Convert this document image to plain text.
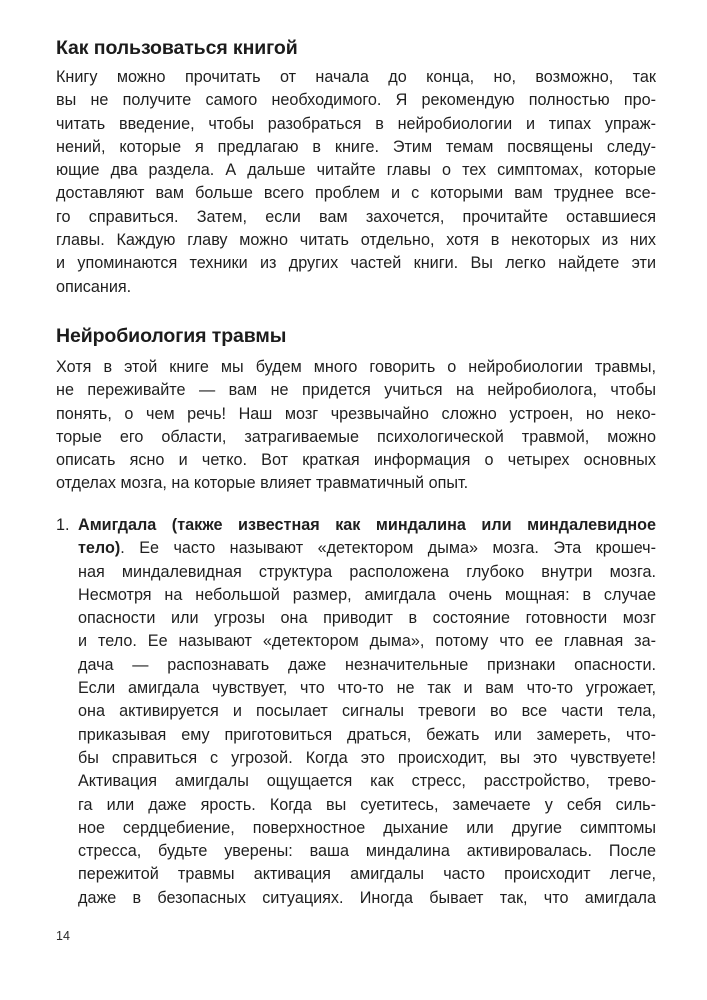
Как пользоваться книгой
Книгу можно прочитать от начала до конца, но, возможно, так
вы не получите самого необходимого. Я рекомендую полностью про-
читать введение, чтобы разобраться в нейробиологии и типах упраж-
нений, которые я предлагаю в книге. Этим темам посвящены следу-
ющие два раздела. А дальше читайте главы о тех симптомах, которые
доставляют вам больше всего проблем и с которыми вам труднее все-
го справиться. Затем, если вам захочется, прочитайте оставшиеся
главы. Каждую главу можно читать отдельно, хотя в некоторых из них
и упоминаются техники из других частей книги. Вы легко найдете эти
описания.
Нейробиология травмы
Хотя в этой книге мы будем много говорить о нейробиологии травмы,
не переживайте — вам не придется учиться на нейробиолога, чтобы
понять, о чем речь! Наш мозг чрезвычайно сложно устроен, но неко-
торые его области, затрагиваемые психологической травмой, можно
описать ясно и четко. Вот краткая информация о четырех основных
отделах мозга, на которые влияет травматичный опыт.
1. Амигдала (также известная как миндалина или миндалевидное
тело). Ее часто называют «детектором дыма» мозга. Эта крошеч-
ная миндалевидная структура расположена глубоко внутри мозга.
Несмотря на небольшой размер, амигдала очень мощная: в случае
опасности или угрозы она приводит в состояние готовности мозг
и тело. Ее называют «детектором дыма», потому что ее главная за-
дача — распознавать даже незначительные признаки опасности.
Если амигдала чувствует, что что-то не так и вам что-то угрожает,
она активируется и посылает сигналы тревоги во все части тела,
приказывая ему приготовиться драться, бежать или замереть, что-
бы справиться с угрозой. Когда это происходит, вы это чувствуете!
Активация амигдалы ощущается как стресс, расстройство, трево-
га или даже ярость. Когда вы суетитесь, замечаете у себя силь-
ное сердцебиение, поверхностное дыхание или другие симптомы
стресса, будьте уверены: ваша миндалина активировалась. После
пережитой травмы активация амигдалы часто происходит легче,
даже в безопасных ситуациях. Иногда бывает так, что амигдала
14
